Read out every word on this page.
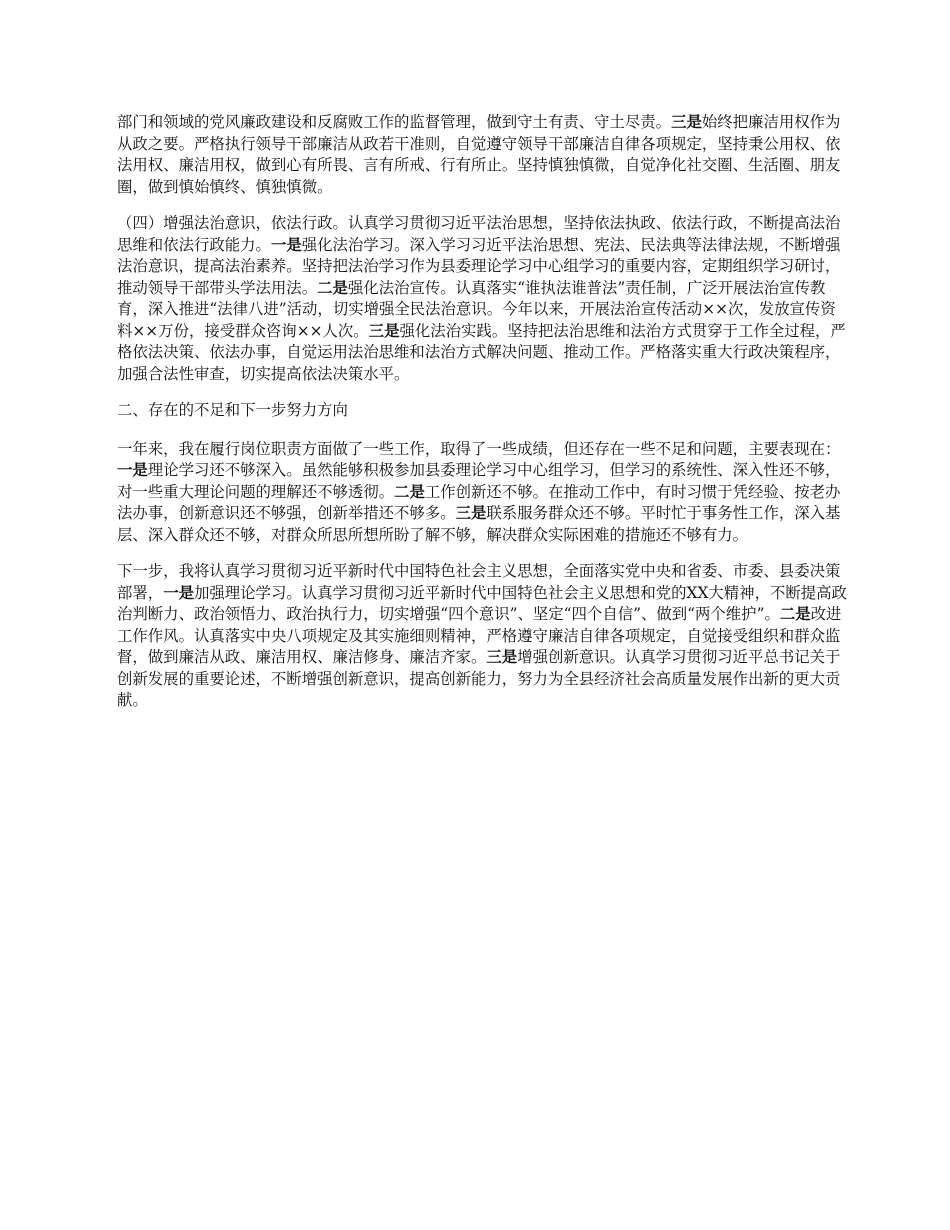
部门和领域的党风廉政建设和反腐败工作的监督管理，做到守土有责、守土尽责。三是始终把廉洁用权作为从政之要。严格执行领导干部廉洁从政若干准则，自觉遵守领导干部廉洁自律各项规定，坚持秉公用权、依法用权、廉洁用权，做到心有所畏、言有所戒、行有所止。坚持慎独慎微，自觉净化社交圈、生活圈、朋友圈，做到慎始慎终、慎独慎微。

（四）增强法治意识，依法行政。认真学习贯彻习近平法治思想，坚持依法执政、依法行政，不断提高法治思维和依法行政能力。一是强化法治学习。深入学习习近平法治思想、宪法、民法典等法律法规，不断增强法治意识，提高法治素养。坚持把法治学习作为县委理论学习中心组学习的重要内容，定期组织学习研讨，推动领导干部带头学法用法。二是强化法治宣传。认真落实“谁执法谁普法”责任制，广泛开展法治宣传教育，深入推进“法律八进”活动，切实增强全民法治意识。今年以来，开展法治宣传活动××次，发放宣传资料××万份，接受群众咨询××人次。三是强化法治实践。坚持把法治思维和法治方式贯穿于工作全过程，严格依法决策、依法办事，自觉运用法治思维和法治方式解决问题、推动工作。严格落实重大行政决策程序，加强合法性审查，切实提高依法决策水平。

二、存在的不足和下一步努力方向

一年来，我在履行岗位职责方面做了一些工作，取得了一些成绩，但还存在一些不足和问题，主要表现在：一是理论学习还不够深入。虽然能够积极参加县委理论学习中心组学习，但学习的系统性、深入性还不够，对一些重大理论问题的理解还不够透彻。二是工作创新还不够。在推动工作中，有时习惯于凭经验、按老办法办事，创新意识还不够强，创新举措还不够多。三是联系服务群众还不够。平时忙于事务性工作，深入基层、深入群众还不够，对群众所思所想所盼了解不够，解决群众实际困难的措施还不够有力。

下一步，我将认真学习贯彻习近平新时代中国特色社会主义思想，全面落实党中央和省委、市委、县委决策部署，一是加强理论学习。认真学习贯彻习近平新时代中国特色社会主义思想和党的XX大精神，不断提高政治判断力、政治领悟力、政治执行力，切实增强“四个意识”、坚定“四个自信”、做到“两个维护”。二是改进工作作风。认真落实中央八项规定及其实施细则精神，严格遵守廉洁自律各项规定，自觉接受组织和群众监督，做到廉洁从政、廉洁用权、廉洁修身、廉洁齐家。三是增强创新意识。认真学习贯彻习近平总书记关于创新发展的重要论述，不断增强创新意识，提高创新能力，努力为全县经济社会高质量发展作出新的更大贡献。
